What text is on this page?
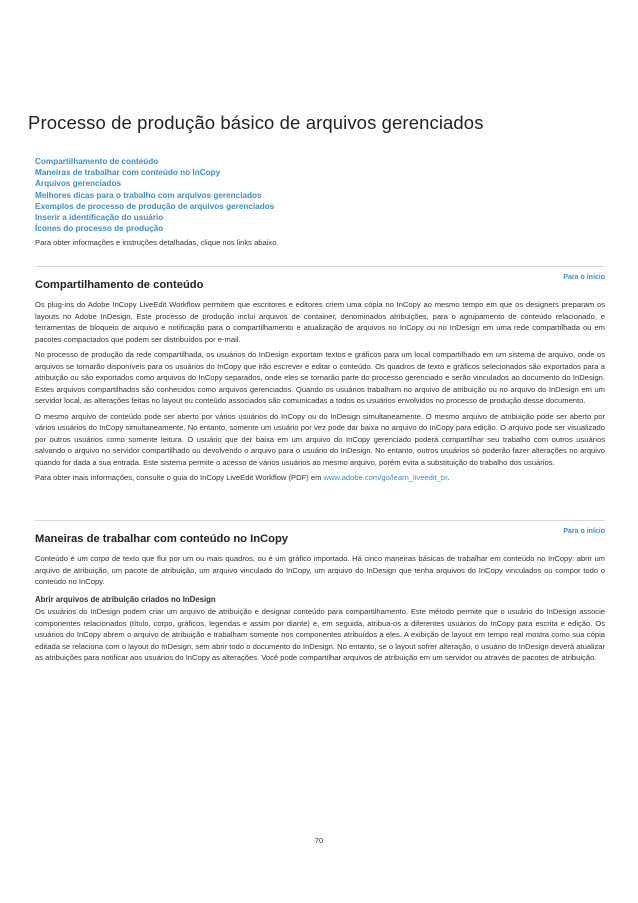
Processo de produção básico de arquivos gerenciados
Compartilhamento de conteúdo
Maneiras de trabalhar com conteúdo no InCopy
Arquivos gerenciados
Melhores dicas para o trabalho com arquivos gerenciados
Exemplos de processo de produção de arquivos gerenciados
Inserir a identificação do usuário
Ícones do processo de produção

Para obter informações e instruções detalhadas, clique nos links abaixo.

Para o início
Compartilhamento de conteúdo

Os plug-ins do Adobe InCopy LiveEdit Workflow permitem que escritores e editores criem uma cópia no InCopy ao mesmo tempo em que os designers preparam os layouts no Adobe InDesign. Este processo de produção inclui arquivos de container, denominados atribuições, para o agrupamento de conteúdo relacionado, e ferramentas de bloqueio de arquivo e notificação para o compartilhamento e atualização de arquivos no InCopy ou no InDesign em uma rede compartilhada ou em pacotes compactados que podem ser distribuídos por e-mail.

No processo de produção da rede compartilhada, os usuários do InDesign exportam textos e gráficos para um local compartilhado em um sistema de arquivo, onde os arquivos se tornarão disponíveis para os usuários do InCopy que irão escrever e editar o conteúdo. Os quadros de texto e gráficos selecionados são exportados para a atribuição ou são exportados como arquivos do InCopy separados, onde eles se tornarão parte do processo gerenciado e serão vinculados ao documento do InDesign. Estes arquivos compartilhados são conhecidos como arquivos gerenciados. Quando os usuários trabalham no arquivo de atribuição ou no arquivo do InDesign em um servidor local, as alterações feitas no layout ou conteúdo associados são comunicadas a todos os usuários envolvidos no processo de produção desse documento.

O mesmo arquivo de conteúdo pode ser aberto por vários usuários do InCopy ou do InDesign simultaneamente. O mesmo arquivo de atribuição pode ser aberto por vários usuários do InCopy simultaneamente. No entanto, somente um usuário por vez pode dar baixa no arquivo do InCopy para edição. O arquivo pode ser visualizado por outros usuários como somente leitura. O usuário que der baixa em um arquivo do InCopy gerenciado poderá compartilhar seu trabalho com outros usuários salvando o arquivo no servidor compartilhado ou devolvendo o arquivo para o usuário do InDesign. No entanto, outros usuários só poderão fazer alterações no arquivo quando for dada a sua entrada. Este sistema permite o acesso de vários usuários ao mesmo arquivo, porém evita a substituição do trabalho dos usuários.

Para obter mais informações, consulte o guia do InCopy LiveEdit Workflow (PDF) em www.adobe.com/go/learn_liveedit_br.

Para o início
Maneiras de trabalhar com conteúdo no InCopy

Conteúdo é um corpo de texto que flui por um ou mais quadros, ou é um gráfico importado. Há cinco maneiras básicas de trabalhar em conteúdo no InCopy: abrir um arquivo de atribuição, um pacote de atribuição, um arquivo vinculado do InCopy, um arquivo do InDesign que tenha arquivos do InCopy vinculados ou compor todo o conteúdo no InCopy.

Abrir arquivos de atribuição criados no InDesign

Os usuários do InDesign podem criar um arquivo de atribuição e designar conteúdo para compartilhamento. Este método permite que o usuário do InDesign associe componentes relacionados (título, corpo, gráficos, legendas e assim por diante) e, em seguida, atribua-os a diferentes usuários do InCopy para escrita e edição. Os usuários do InCopy abrem o arquivo de atribuição e trabalham somente nos componentes atribuídos a eles. A exibição de layout em tempo real mostra como sua cópia editada se relaciona com o layout do InDesign, sem abrir todo o documento do InDesign. No entanto, se o layout sofrer alteração, o usuário do InDesign deverá atualizar as atribuições para notificar aos usuários do InCopy as alterações. Você pode compartilhar arquivos de atribuição em um servidor ou através de pacotes de atribuição.

70
